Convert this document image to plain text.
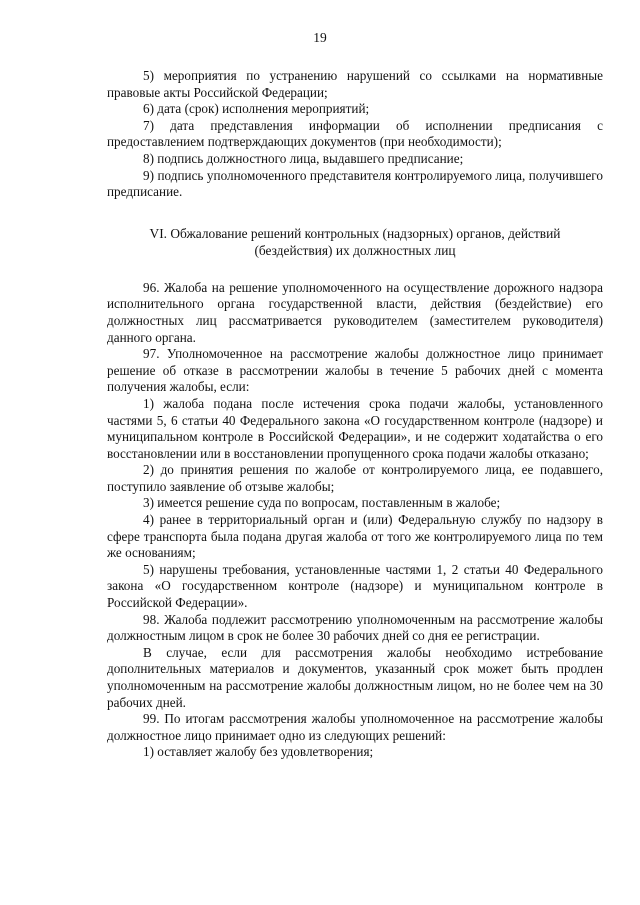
19

5) мероприятия по устранению нарушений со ссылками на нормативные правовые акты Российской Федерации;

6) дата (срок) исполнения мероприятий;

7) дата представления информации об исполнении предписания с предоставлением подтверждающих документов (при необходимости);

8) подпись должностного лица, выдавшего предписание;

9) подпись уполномоченного представителя контролируемого лица, получившего предписание.

VI. Обжалование решений контрольных (надзорных) органов, действий
(бездействия) их должностных лиц

96. Жалоба на решение уполномоченного на осуществление дорожного надзора исполнительного органа государственной власти, действия (бездействие) его должностных лиц рассматривается руководителем (заместителем руководителя) данного органа.

97. Уполномоченное на рассмотрение жалобы должностное лицо принимает решение об отказе в рассмотрении жалобы в течение 5 рабочих дней с момента получения жалобы, если:

1) жалоба подана после истечения срока подачи жалобы, установленного частями 5, 6 статьи 40 Федерального закона «О государственном контроле (надзоре) и муниципальном контроле в Российской Федерации», и не содержит ходатайства о его восстановлении или в восстановлении пропущенного срока подачи жалобы отказано;

2) до принятия решения по жалобе от контролируемого лица, ее подавшего, поступило заявление об отзыве жалобы;

3) имеется решение суда по вопросам, поставленным в жалобе;

4) ранее в территориальный орган и (или) Федеральную службу по надзору в сфере транспорта была подана другая жалоба от того же контролируемого лица по тем же основаниям;

5) нарушены требования, установленные частями 1, 2 статьи 40 Федерального закона «О государственном контроле (надзоре) и муниципальном контроле в Российской Федерации».

98. Жалоба подлежит рассмотрению уполномоченным на рассмотрение жалобы должностным лицом в срок не более 30 рабочих дней со дня ее регистрации.

В случае, если для рассмотрения жалобы необходимо истребование дополнительных материалов и документов, указанный срок может быть продлен уполномоченным на рассмотрение жалобы должностным лицом, но не более чем на 30 рабочих дней.

99. По итогам рассмотрения жалобы уполномоченное на рассмотрение жалобы должностное лицо принимает одно из следующих решений:

1) оставляет жалобу без удовлетворения;
